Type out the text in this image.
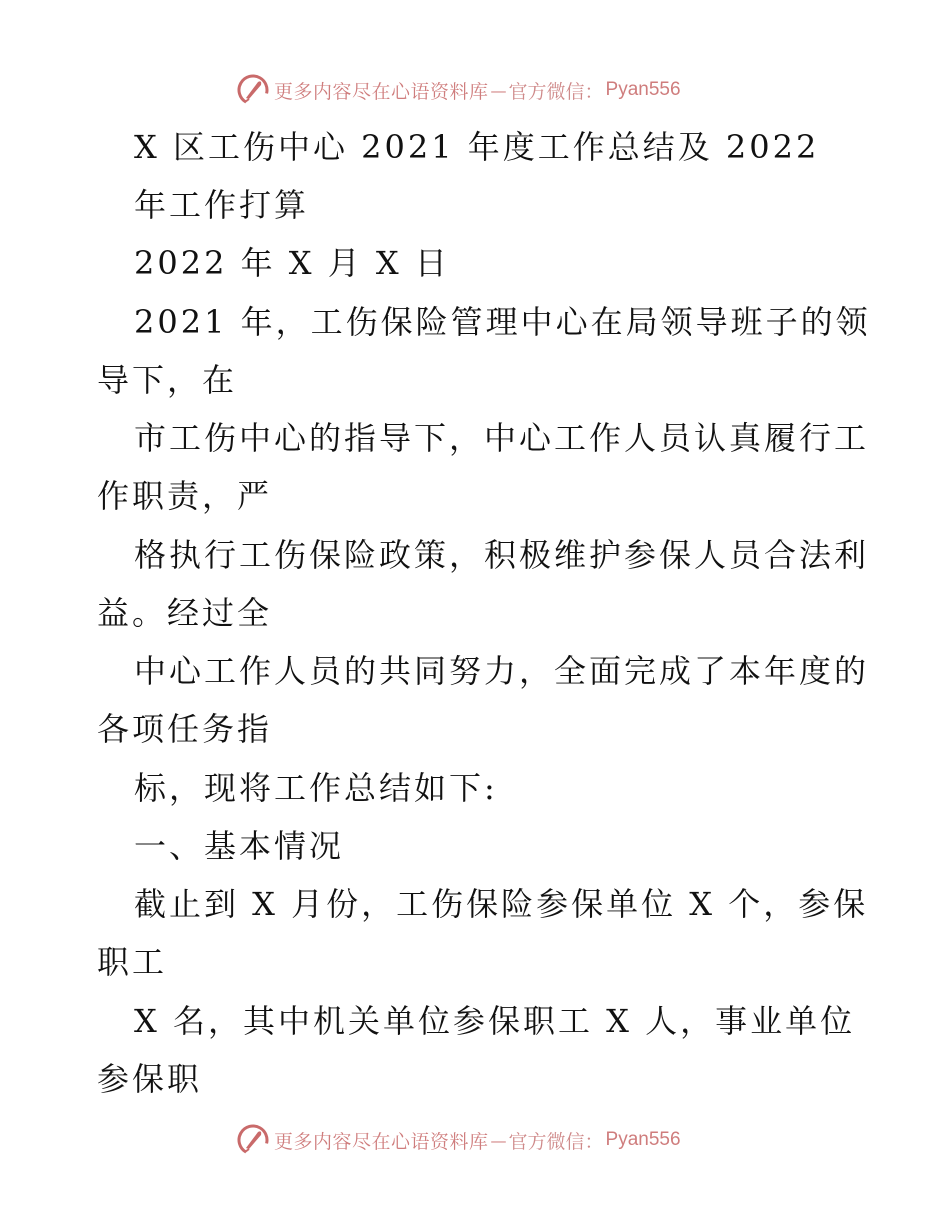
更多内容尽在心语资料库 — 官方微信： Pyan556
X 区工伤中心 2021 年度工作总结及 2022
年工作打算
2022 年 X 月 X 日
2021 年，工伤保险管理中心在局领导班子的领
导下，在
市工伤中心的指导下，中心工作人员认真履行工
作职责，严
格执行工伤保险政策，积极维护参保人员合法利
益。经过全
中心工作人员的共同努力，全面完成了本年度的
各项任务指
标，现将工作总结如下:
一、基本情况
截止到 X 月份，工伤保险参保单位 X 个，参保
职工
X 名，其中机关单位参保职工 X 人，事业单位
参保职
更多内容尽在心语资料库 — 官方微信： Pyan556
